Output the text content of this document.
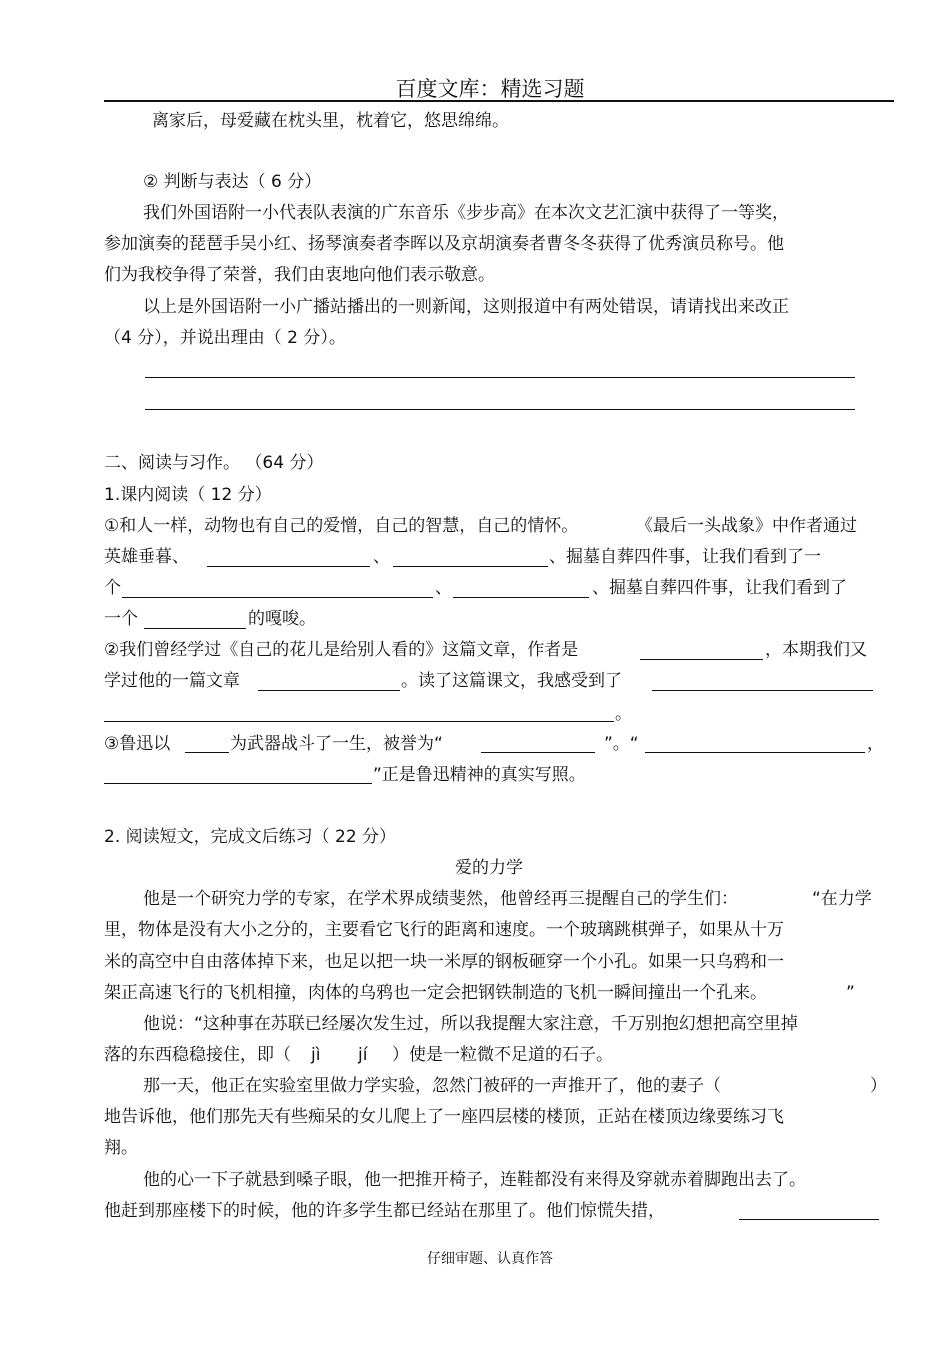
百度文库：精选习题
离家后，母爱藏在枕头里，枕着它，悠思绵绵。
② 判断与表达（ 6 分）
我们外国语附一小代表队表演的广东音乐《步步高》在本次文艺汇演中获得了一等奖，
参加演奏的琵琶手吴小红、扬琴演奏者李晖以及京胡演奏者曹冬冬获得了优秀演员称号。他
们为我校争得了荣誉，我们由衷地向他们表示敬意。
以上是外国语附一小广播站播出的一则新闻，这则报道中有两处错误，请请找出来改正
（4 分），并说出理由（ 2 分）。
二、阅读与习作。 （64 分）
1.课内阅读（ 12 分）
①和人一样，动物也有自己的爱憎，自己的智慧，自己的情怀。	《最后一头战象》中作者通过
英雄垂暮、	、	、掘墓自葬四件事，让我们看到了一
个	、	、掘墓自葬四件事，让我们看到了
一个	的嘎唆。
②我们曾经学过《自己的花儿是给别人看的》这篇文章，作者是	，本期我们又
学过他的一篇文章	。读了这篇课文，我感受到了
。
③鲁迅以	为武器战斗了一生，被誉为“	”。“	，
”正是鲁迅精神的真实写照。
2. 阅读短文，完成文后练习（ 22 分）
爱的力学
他是一个研究力学的专家，在学术界成绩斐然，他曾经再三提醒自己的学生们：	“在力学
里，物体是没有大小之分的，主要看它飞行的距离和速度。一个玻璃跳棋弹子，如果从十万
米的高空中自由落体掉下来，也足以把一块一米厚的钢板砸穿一个小孔。如果一只乌鸦和一
架正高速飞行的飞机相撞，肉体的乌鸦也一定会把钢铁制造的飞机一瞬间撞出一个孔来。	”
他说：“这种事在苏联已经屡次发生过，所以我提醒大家注意，千万别抱幻想把高空里掉
落的东西稳稳接住，即（ jì jí ）使是一粒微不足道的石子。
那一天，他正在实验室里做力学实验，忽然门被砰的一声推开了，他的妻子（	）
地告诉他，他们那先天有些痴呆的女儿爬上了一座四层楼的楼顶，正站在楼顶边缘要练习飞
翔。
他的心一下子就悬到嗓子眼，他一把推开椅子，连鞋都没有来得及穿就赤着脚跑出去了。
他赶到那座楼下的时候，他的许多学生都已经站在那里了。他们惊慌失措，
仔细审题、认真作答
